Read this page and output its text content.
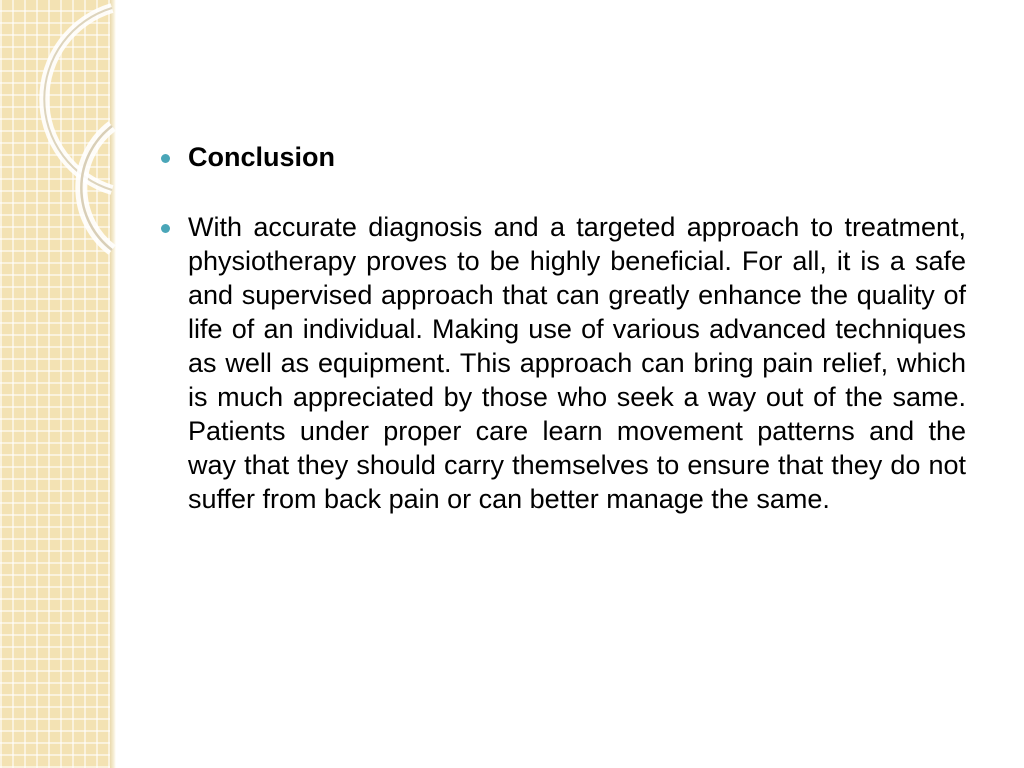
Conclusion
With accurate diagnosis and a targeted approach to treatment, physiotherapy proves to be highly beneficial. For all, it is a safe and supervised approach that can greatly enhance the quality of life of an individual. Making use of various advanced techniques as well as equipment. This approach can bring pain relief, which is much appreciated by those who seek a way out of the same. Patients under proper care learn movement patterns and the way that they should carry themselves to ensure that they do not suffer from back pain or can better manage the same.
